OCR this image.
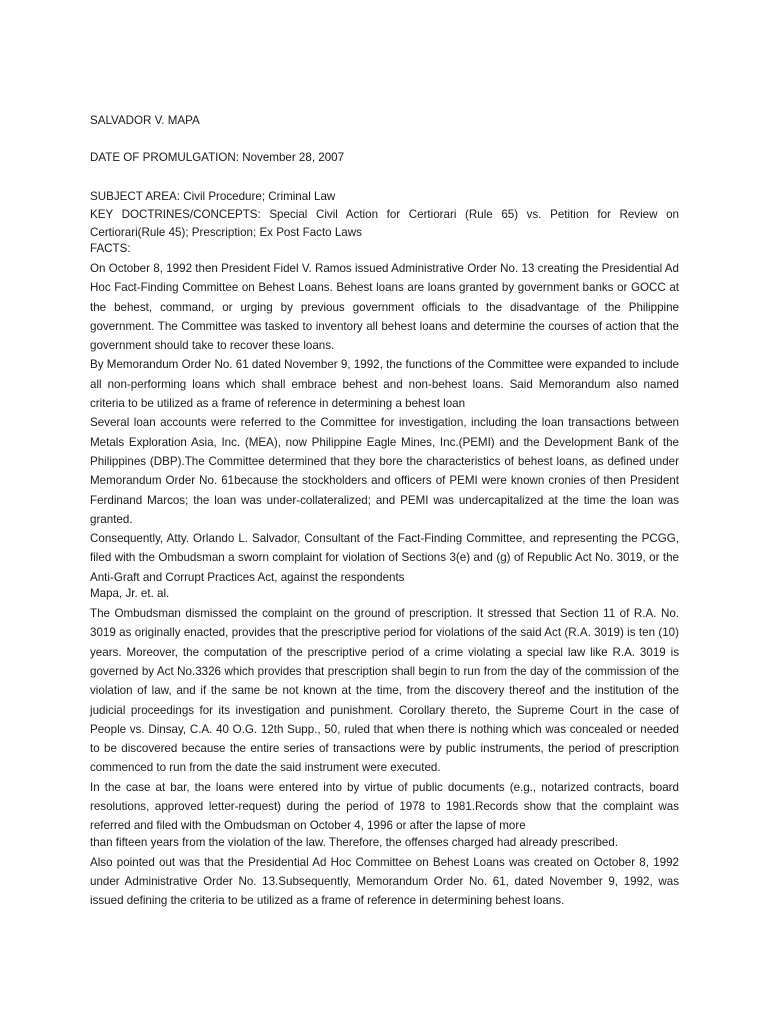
SALVADOR V. MAPA

DATE OF PROMULGATION: November 28, 2007

SUBJECT AREA: Civil Procedure; Criminal Law

KEY DOCTRINES/CONCEPTS: Special Civil Action for Certiorari (Rule 65) vs. Petition for Review on Certiorari(Rule 45); Prescription; Ex Post Facto Laws

FACTS:

On October 8, 1992 then President Fidel V. Ramos issued Administrative Order No. 13 creating the Presidential Ad Hoc Fact-Finding Committee on Behest Loans. Behest loans are loans granted by government banks or GOCC at the behest, command, or urging by previous government officials to the disadvantage of the Philippine government. The Committee was tasked to inventory all behest loans and determine the courses of action that the government should take to recover these loans.

By Memorandum Order No. 61 dated November 9, 1992, the functions of the Committee were expanded to include all non-performing loans which shall embrace behest and non-behest loans. Said Memorandum also named criteria to be utilized as a frame of reference in determining a behest loan

Several loan accounts were referred to the Committee for investigation, including the loan transactions between Metals Exploration Asia, Inc. (MEA), now Philippine Eagle Mines, Inc.(PEMI) and the Development Bank of the Philippines (DBP).The Committee determined that they bore the characteristics of behest loans, as defined under Memorandum Order No. 61because the stockholders and officers of PEMI were known cronies of then President Ferdinand Marcos; the loan was under-collateralized; and PEMI was undercapitalized at the time the loan was granted.

Consequently, Atty. Orlando L. Salvador, Consultant of the Fact-Finding Committee, and representing the PCGG, filed with the Ombudsman a sworn complaint for violation of Sections 3(e) and (g) of Republic Act No. 3019, or the Anti-Graft and Corrupt Practices Act, against the respondents

Mapa, Jr. et. al.

The Ombudsman dismissed the complaint on the ground of prescription. It stressed that Section 11 of R.A. No. 3019 as originally enacted, provides that the prescriptive period for violations of the said Act (R.A. 3019) is ten (10) years. Moreover, the computation of the prescriptive period of a crime violating a special law like R.A. 3019 is governed by Act No.3326 which provides that prescription shall begin to run from the day of the commission of the violation of law, and if the same be not known at the time, from the discovery thereof and the institution of the judicial proceedings for its investigation and punishment. Corollary thereto, the Supreme Court in the case of People vs. Dinsay, C.A. 40 O.G. 12th Supp., 50, ruled that when there is nothing which was concealed or needed to be discovered because the entire series of transactions were by public instruments, the period of prescription commenced to run from the date the said instrument were executed.

In the case at bar, the loans were entered into by virtue of public documents (e.g., notarized contracts, board resolutions, approved letter-request) during the period of 1978 to 1981.Records show that the complaint was referred and filed with the Ombudsman on October 4, 1996 or after the lapse of more

than fifteen years from the violation of the law. Therefore, the offenses charged had already prescribed.

Also pointed out was that the Presidential Ad Hoc Committee on Behest Loans was created on October 8, 1992 under Administrative Order No. 13.Subsequently, Memorandum Order No. 61, dated November 9, 1992, was issued defining the criteria to be utilized as a frame of reference in determining behest loans.
